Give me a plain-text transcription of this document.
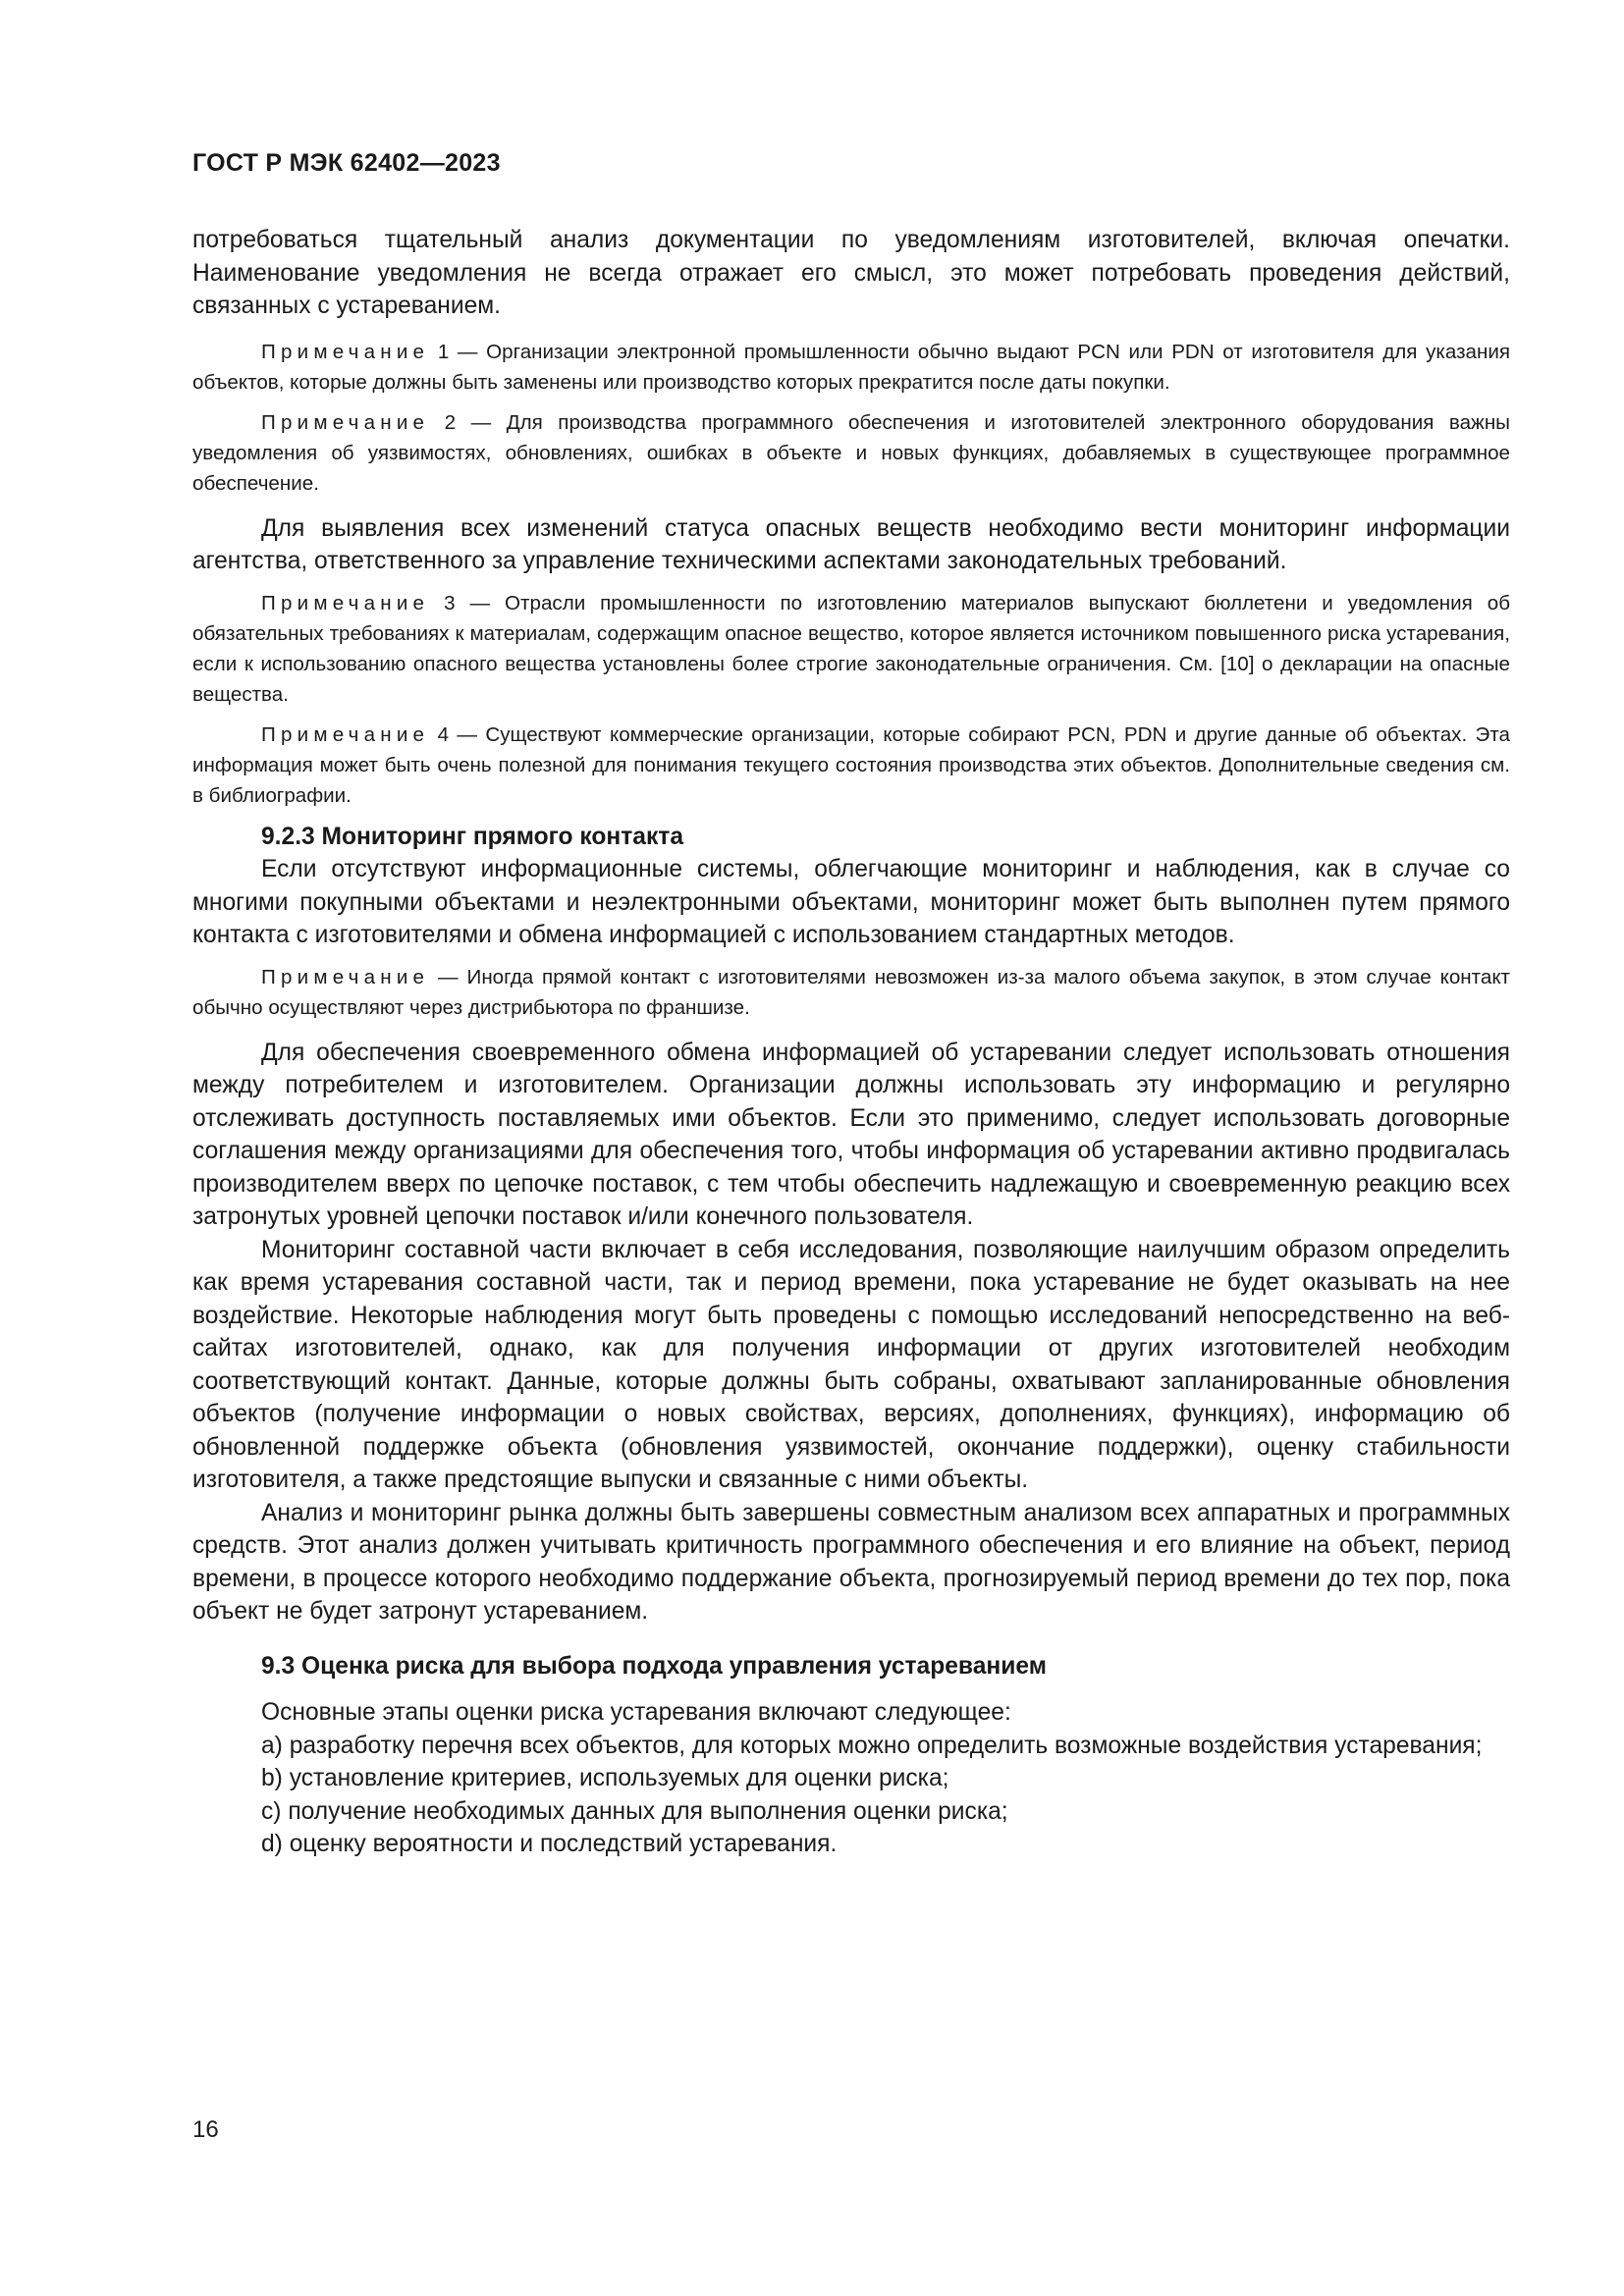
ГОСТ Р МЭК 62402—2023

потребоваться тщательный анализ документации по уведомлениям изготовителей, включая опечатки. Наименование уведомления не всегда отражает его смысл, это может потребовать проведения действий, связанных с устареванием.

Примечание 1 — Организации электронной промышленности обычно выдают PCN или PDN от изготовителя для указания объектов, которые должны быть заменены или производство которых прекратится после даты покупки.

Примечание 2 — Для производства программного обеспечения и изготовителей электронного оборудования важны уведомления об уязвимостях, обновлениях, ошибках в объекте и новых функциях, добавляемых в существующее программное обеспечение.

Для выявления всех изменений статуса опасных веществ необходимо вести мониторинг информации агентства, ответственного за управление техническими аспектами законодательных требований.

Примечание 3 — Отрасли промышленности по изготовлению материалов выпускают бюллетени и уведомления об обязательных требованиях к материалам, содержащим опасное вещество, которое является источником повышенного риска устаревания, если к использованию опасного вещества установлены более строгие законодательные ограничения. См. [10] о декларации на опасные вещества.

Примечание 4 — Существуют коммерческие организации, которые собирают PCN, PDN и другие данные об объектах. Эта информация может быть очень полезной для понимания текущего состояния производства этих объектов. Дополнительные сведения см. в библиографии.

9.2.3 Мониторинг прямого контакта

Если отсутствуют информационные системы, облегчающие мониторинг и наблюдения, как в случае со многими покупными объектами и неэлектронными объектами, мониторинг может быть выполнен путем прямого контакта с изготовителями и обмена информацией с использованием стандартных методов.

Примечание — Иногда прямой контакт с изготовителями невозможен из-за малого объема закупок, в этом случае контакт обычно осуществляют через дистрибьютора по франшизе.

Для обеспечения своевременного обмена информацией об устаревании следует использовать отношения между потребителем и изготовителем. Организации должны использовать эту информацию и регулярно отслеживать доступность поставляемых ими объектов. Если это применимо, следует использовать договорные соглашения между организациями для обеспечения того, чтобы информация об устаревании активно продвигалась производителем вверх по цепочке поставок, с тем чтобы обеспечить надлежащую и своевременную реакцию всех затронутых уровней цепочки поставок и/или конечного пользователя.

Мониторинг составной части включает в себя исследования, позволяющие наилучшим образом определить как время устаревания составной части, так и период времени, пока устаревание не будет оказывать на нее воздействие. Некоторые наблюдения могут быть проведены с помощью исследований непосредственно на веб-сайтах изготовителей, однако, как для получения информации от других изготовителей необходим соответствующий контакт. Данные, которые должны быть собраны, охватывают запланированные обновления объектов (получение информации о новых свойствах, версиях, дополнениях, функциях), информацию об обновленной поддержке объекта (обновления уязвимостей, окончание поддержки), оценку стабильности изготовителя, а также предстоящие выпуски и связанные с ними объекты.

Анализ и мониторинг рынка должны быть завершены совместным анализом всех аппаратных и программных средств. Этот анализ должен учитывать критичность программного обеспечения и его влияние на объект, период времени, в процессе которого необходимо поддержание объекта, прогнозируемый период времени до тех пор, пока объект не будет затронут устареванием.

9.3 Оценка риска для выбора подхода управления устареванием

Основные этапы оценки риска устаревания включают следующее:

а) разработку перечня всех объектов, для которых можно определить возможные воздействия устаревания;

b) установление критериев, используемых для оценки риска;

c) получение необходимых данных для выполнения оценки риска;

d) оценку вероятности и последствий устаревания.

16
